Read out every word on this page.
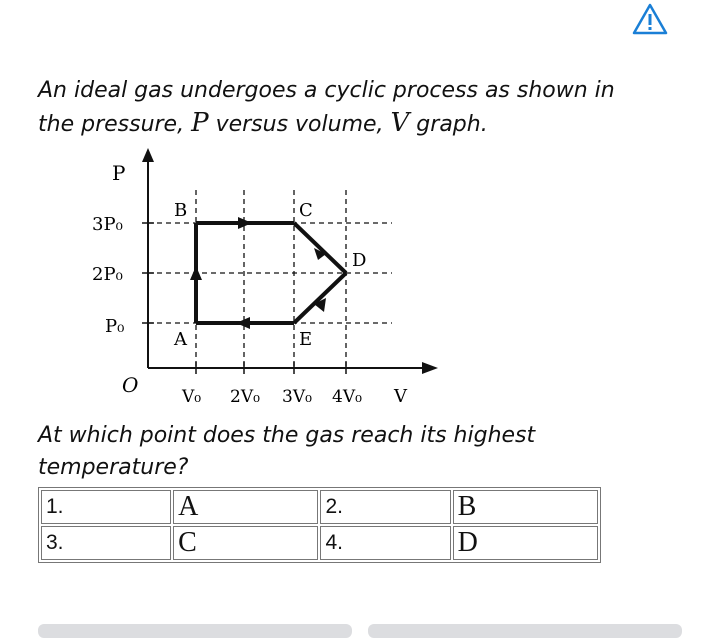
An ideal gas undergoes a cyclic process as shown in
the pressure, P versus volume, V graph.
P
V
O
3P₀
2P₀
P₀
V₀ 2V₀ 3V₀ 4V₀
A
B	C
D
E
At which point does the gas reach its highest
temperature?
1.	A	2.	B
3.	C	4.	D
